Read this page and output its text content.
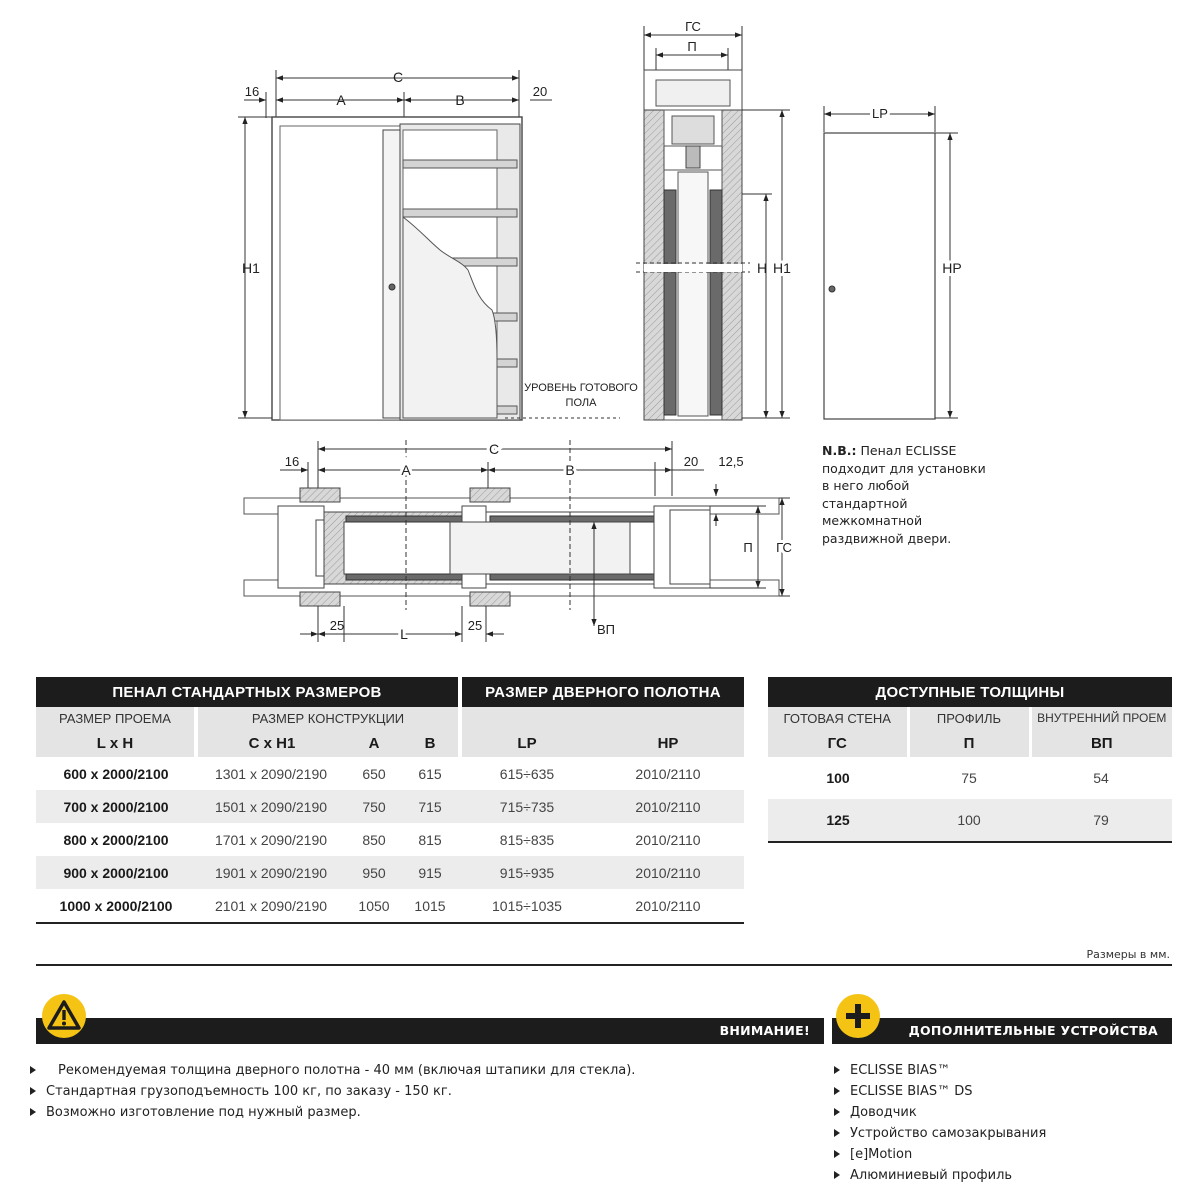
A	B
C
16	20
H1
УРОВЕНЬ ГОТОВОГО
ПОЛА
ГС
П
H H1
LP
HP
C
A	B
16	20 12,5
П ГС
25
L
25	ВП
N.B.: Пенал ECLISSE подходит для установки в него любой стандартной межкомнатной раздвижной двери.
ПЕНАЛ СТАНДАРТНЫХ РАЗМЕРОВ					РАЗМЕР ДВЕРНОГО ПОЛОТНА	
РАЗМЕР ПРОЕМА	РАЗМЕР КОНСТРУКЦИИ					
L x H	C x H1	A	B		LP	HP
600 x 2000/2100	1301 x 2090/2190	650	615		615÷635	2010/2110
700 x 2000/2100	1501 x 2090/2190	750	715		715÷735	2010/2110
800 x 2000/2100	1701 x 2090/2190	850	815		815÷835	2010/2110
900 x 2000/2100	1901 x 2090/2190	950	915		915÷935	2010/2110
1000 x 2000/2100	2101 x 2090/2190	1050	1015		1015÷1035	2010/2110
ДОСТУПНЫЕ ТОЛЩИНЫ		
ГОТОВАЯ СТЕНА	ПРОФИЛЬ	ВНУТРЕННИЙ ПРОЕМ
ГС	П	ВП
100	75	54
125	100	79
Размеры в мм.
ВНИМАНИЕ!
Рекомендуемая толщина дверного полотна - 40 мм (включая штапики для стекла).
Стандартная грузоподъемность 100 кг, по заказу - 150 кг.
Возможно изготовление под нужный размер.
ДОПОЛНИТЕЛЬНЫЕ УСТРОЙСТВА
ECLISSE BIAS™
ECLISSE BIAS™ DS
Доводчик
Устройство самозакрывания
[e]Motion
Алюминиевый профиль
